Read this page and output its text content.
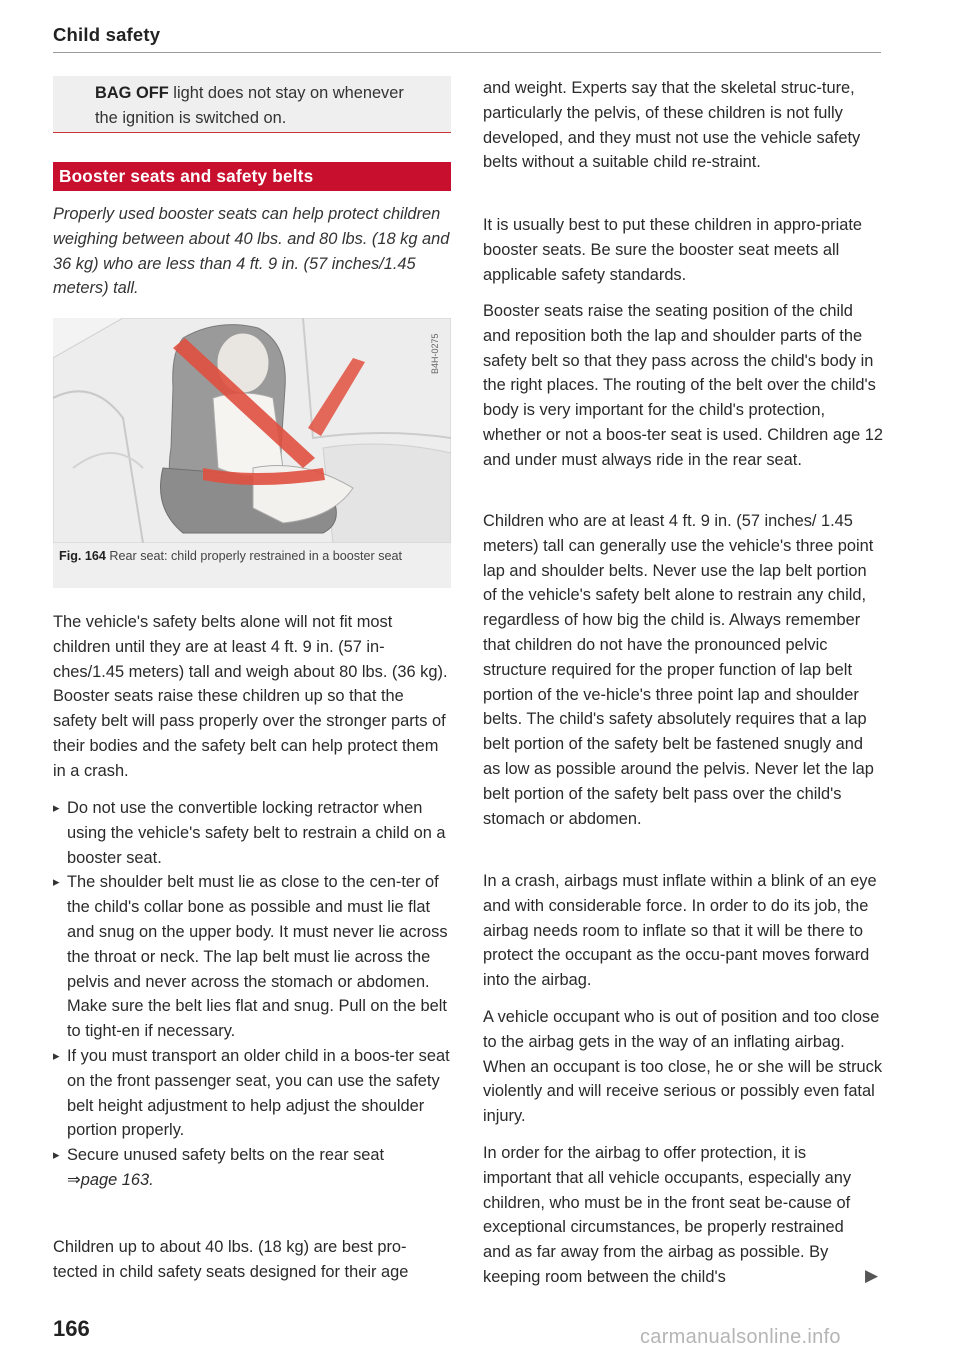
Child safety
BAG OFF light does not stay on whenever the ignition is switched on.
Booster seats and safety belts
Properly used booster seats can help protect children weighing between about 40 lbs. and 80 lbs. (18 kg and 36 kg) who are less than 4 ft. 9 in. (57 inches/1.45 meters) tall.
B4H-0275
Fig. 164 Rear seat: child properly restrained in a booster seat

The vehicle's safety belts alone will not fit most children until they are at least 4 ft. 9 in. (57 in-ches/1.45 meters) tall and weigh about 80 lbs. (36 kg). Booster seats raise these children up so that the safety belt will pass properly over the stronger parts of their bodies and the safety belt can help protect them in a crash.

▸ Do not use the convertible locking retractor when using the vehicle's safety belt to restrain a child on a booster seat.
▸ The shoulder belt must lie as close to the cen-ter of the child's collar bone as possible and must lie flat and snug on the upper body. It must never lie across the throat or neck. The lap belt must lie across the pelvis and never across the stomach or abdomen. Make sure the belt lies flat and snug. Pull on the belt to tight-en if necessary.
▸ If you must transport an older child in a boos-ter seat on the front passenger seat, you can use the safety belt height adjustment to help adjust the shoulder portion properly.
▸ Secure unused safety belts on the rear seat
⇒page 163.

Children up to about 40 lbs. (18 kg) are best pro-tected in child safety seats designed for their age

and weight. Experts say that the skeletal struc-ture, particularly the pelvis, of these children is not fully developed, and they must not use the vehicle safety belts without a suitable child re-straint.

It is usually best to put these children in appro-priate booster seats. Be sure the booster seat meets all applicable safety standards.

Booster seats raise the seating position of the child and reposition both the lap and shoulder parts of the safety belt so that they pass across the child's body in the right places. The routing of the belt over the child's body is very important for the child's protection, whether or not a boos-ter seat is used. Children age 12 and under must always ride in the rear seat.

Children who are at least 4 ft. 9 in. (57 inches/ 1.45 meters) tall can generally use the vehicle's three point lap and shoulder belts. Never use the lap belt portion of the vehicle's safety belt alone to restrain any child, regardless of how big the child is. Always remember that children do not have the pronounced pelvic structure required for the proper function of lap belt portion of the ve-hicle's three point lap and shoulder belts. The child's safety absolutely requires that a lap belt portion of the safety belt be fastened snugly and as low as possible around the pelvis. Never let the lap belt portion of the safety belt pass over the child's stomach or abdomen.

In a crash, airbags must inflate within a blink of an eye and with considerable force. In order to do its job, the airbag needs room to inflate so that it will be there to protect the occupant as the occu-pant moves forward into the airbag.

A vehicle occupant who is out of position and too close to the airbag gets in the way of an inflating airbag. When an occupant is too close, he or she will be struck violently and will receive serious or possibly even fatal injury.

In order for the airbag to offer protection, it is important that all vehicle occupants, especially any children, who must be in the front seat be-cause of exceptional circumstances, be properly restrained and as far away from the airbag as possible. By keeping room between the child's	▶
166	carmanualsonline.info
